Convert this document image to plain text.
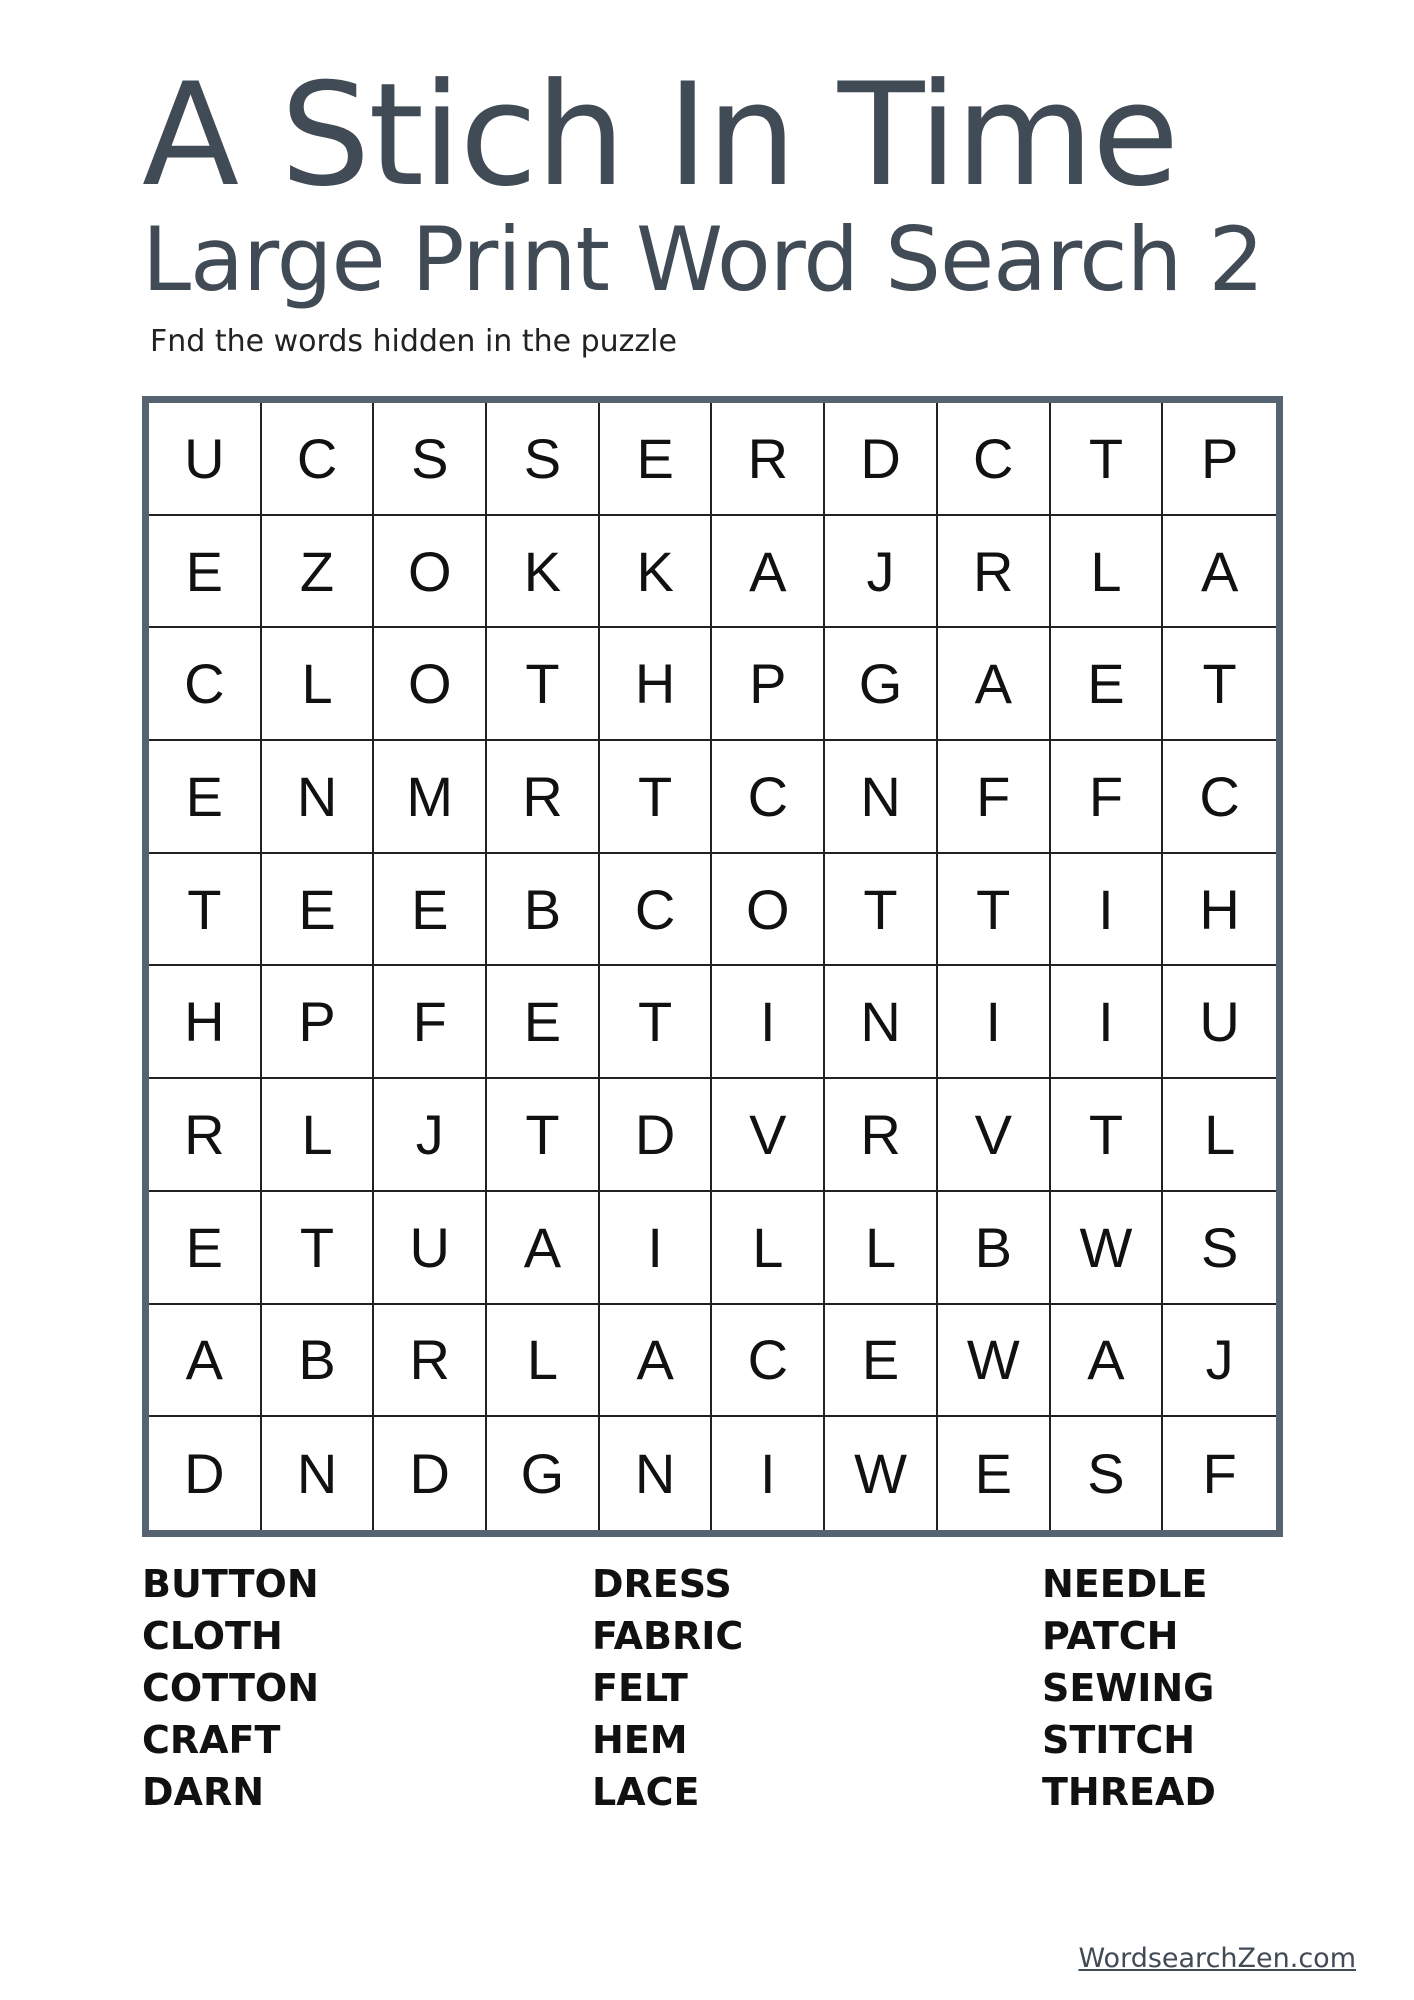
A Stich In Time
Large Print Word Search 2

Fnd the words hidden in the puzzle

U	C	S	S	E	R	D	C	T	P
E	Z	O	K	K	A	J	R	L	A
C	L	O	T	H	P	G	A	E	T
E	N	M	R	T	C	N	F	F	C
T	E	E	B	C	O	T	T	I	H
H	P	F	E	T	I	N	I	I	U
R	L	J	T	D	V	R	V	T	L
E	T	U	A	I	L	L	B	W	S
A	B	R	L	A	C	E	W	A	J
D	N	D	G	N	I	W	E	S	F
BUTTON
CLOTH
COTTON
CRAFT
DARN
DRESS
FABRIC
FELT
HEM
LACE
NEEDLE
PATCH
SEWING
STITCH
THREAD
WordsearchZen.com
